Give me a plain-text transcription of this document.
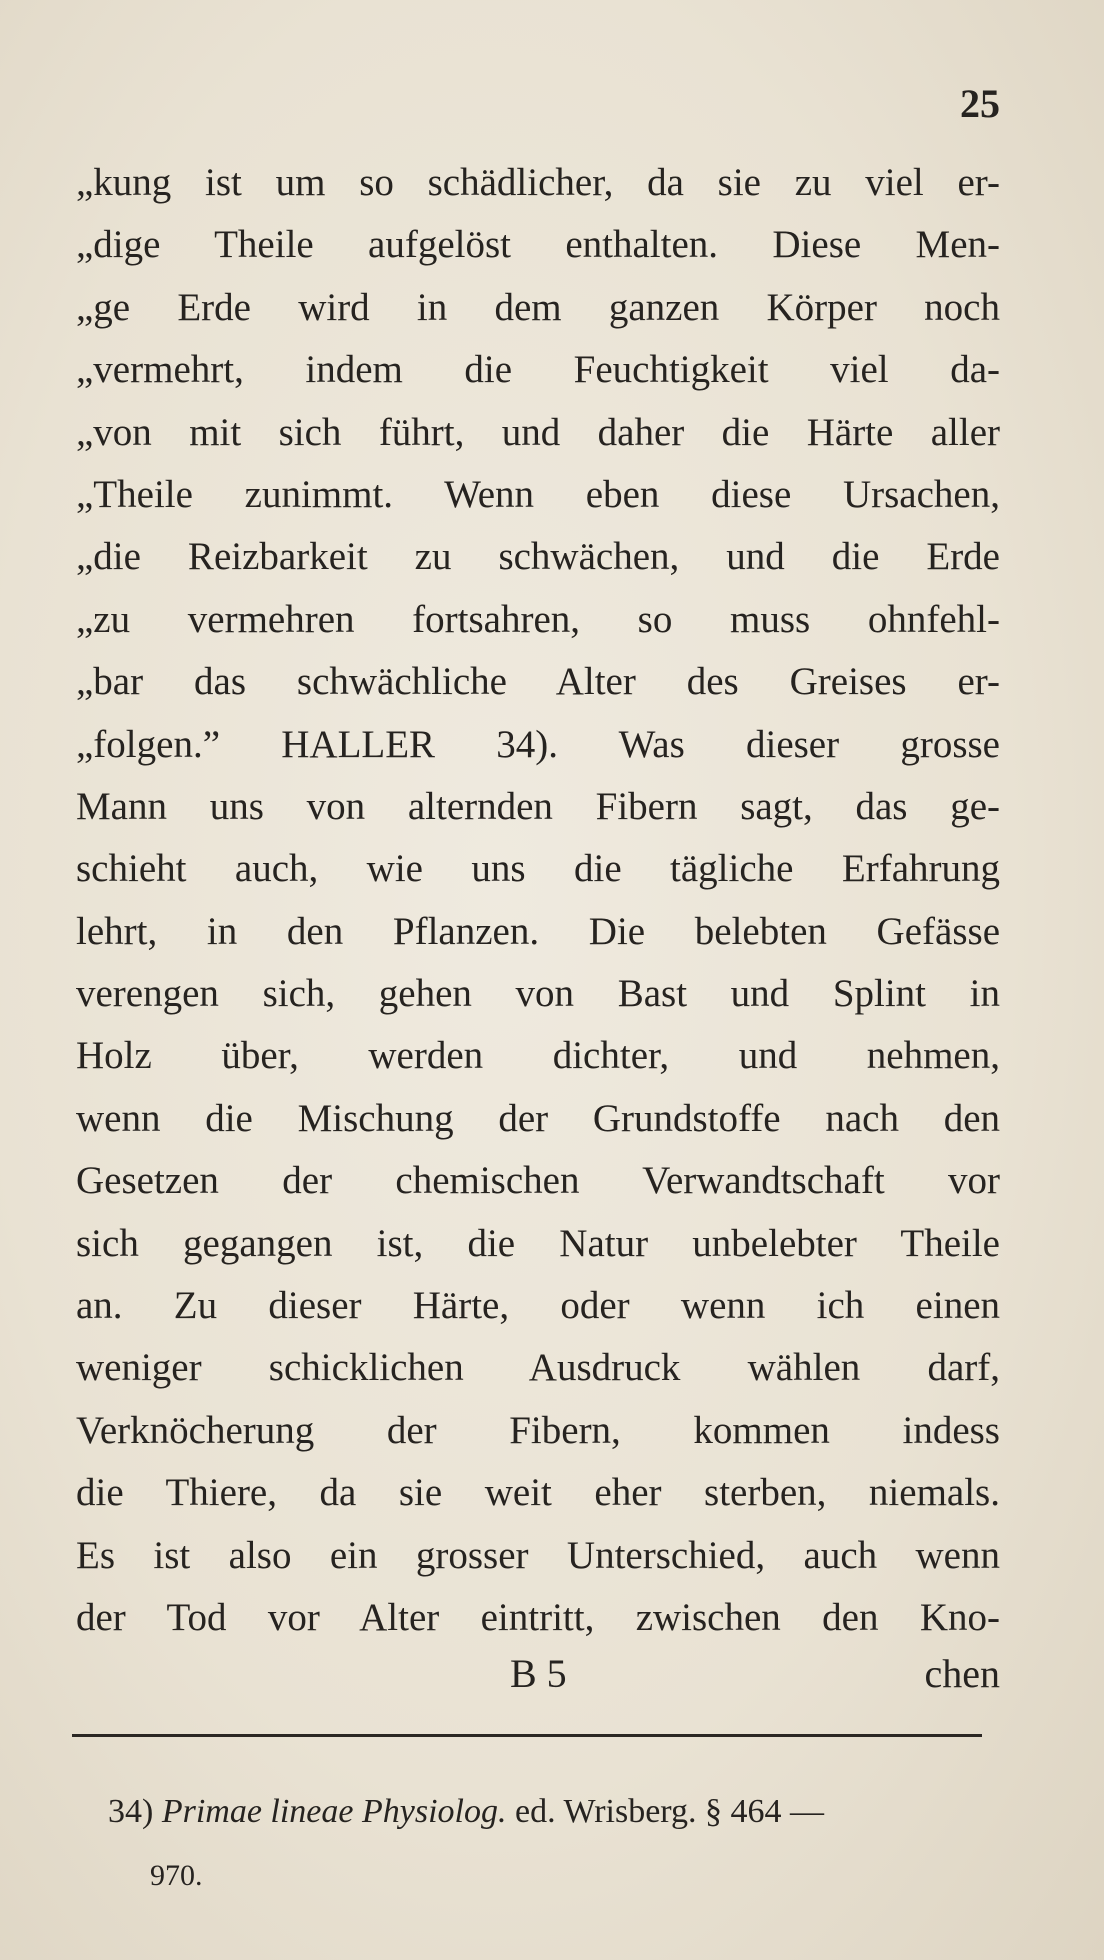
25
„kung ist um so schädlicher, da sie zu viel er-
„dige Theile aufgelöst enthalten. Diese Men-
„ge Erde wird in dem ganzen Körper noch
„vermehrt, indem die Feuchtigkeit viel da-
„von mit sich führt, und daher die Härte aller
„Theile zunimmt. Wenn eben diese Ursachen,
„die Reizbarkeit zu schwächen, und die Erde
„zu vermehren fortsahren, so muss ohnfehl-
„bar das schwächliche Alter des Greises er-
„folgen.” HALLER 34). Was dieser grosse
Mann uns von alternden Fibern sagt, das ge-
schieht auch, wie uns die tägliche Erfahrung
lehrt, in den Pflanzen. Die belebten Gefässe
verengen sich, gehen von Bast und Splint in
Holz über, werden dichter, und nehmen,
wenn die Mischung der Grundstoffe nach den
Gesetzen der chemischen Verwandtschaft vor
sich gegangen ist, die Natur unbelebter Theile
an. Zu dieser Härte, oder wenn ich einen
weniger schicklichen Ausdruck wählen darf,
Verknöcherung der Fibern, kommen indess
die Thiere, da sie weit eher sterben, niemals.
Es ist also ein grosser Unterschied, auch wenn
der Tod vor Alter eintritt, zwischen den Kno-
B 5	chen
34) Primae lineae Physiolog. ed. Wrisberg. § 464 —
970.
